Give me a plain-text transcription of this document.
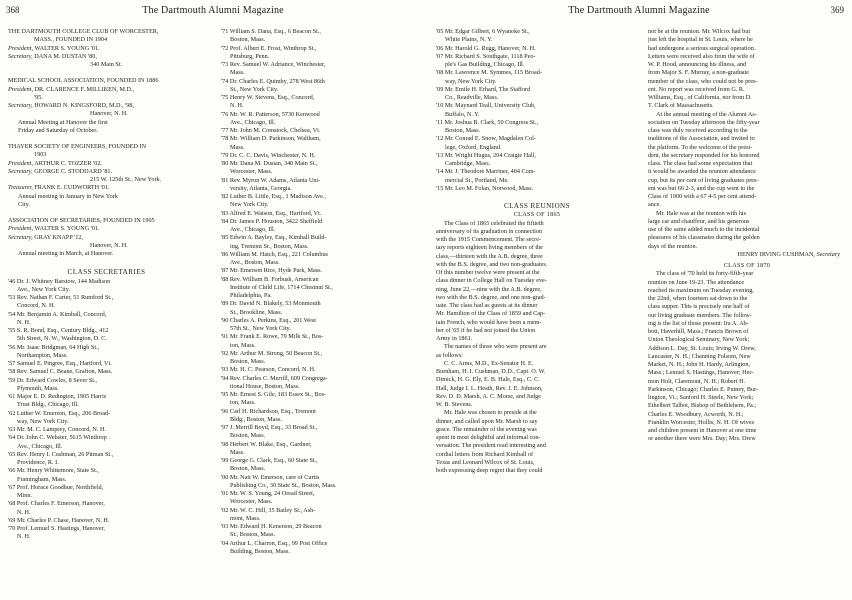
368	The Dartmouth Alumni Magazine
THE DARTMOUTH COLLEGE CLUB OF WORCESTER,
MASS., FOUNDED IN 1904
President, WALTER S. YOUNG '01.
Secretary, DANA M. DUSTAN '80,
340 Main St.
MEDICAL SCHOOL ASSOCIATION, FOUNDED IN 1886
President, DR. CLARENCE F. MILLIKEN, M.D.,
'95.
Secretary, HOWARD N. KINGSFORD, M.D., '98,
Hanover, N. H.
Annual Meeting at Hanover the first
Friday and Saturday of October.
THAYER SOCIETY OF ENGINEERS, FOUNDED IN
1903
President, ARTHUR C. TOZZER '02.
Secretary, GEORGE C. STODDARD '81.
215 W. 125th St., New York.
Treasurer, FRANK E. CUDWORTH '01.
Annual meeting in January in New York
City.
ASSOCIATION OF SECRETARIES, FOUNDED IN 1905
President, WALTER S. YOUNG '01.
Secretary, GRAY KNAPP '12,
Hanover, N. H.
Annual meeting in March, at Hanover.
CLASS SECRETARIES
'46 Dr. J. Whitney Barstow, 144 Madison
Ave., New York City.
'53 Rev. Nathan F. Carter, 51 Rumford St.,
Concord, N. H.
'54 Mr. Benjamin A. Kimball, Concord,
N. H.
'55 S. R. Bond, Esq., Century Bldg., 412
5th Street, N. W., Washington, D. C.
'56 Mr. Isaac Bridgman, 64 High St.,
Northampton, Mass.
'57 Samuel E. Pingree, Esq., Hartford, Vt.
'58 Rev. Samuel C. Beane, Grafton, Mass.
'59 Dr. Edward Cowles, 8 Sever St.,
Plymouth, Mass.
'61 Major E. D. Redington, 1905 Harris
Trust Bldg., Chicago, Ill.
'62 Luther W. Emerson, Esq., 206 Broad-
way, New York City.
'63 Mr. M. C. Lamprey, Concord, N. H.
'64 Dr. John C. Webster, 5615 Winthrop
Ave., Chicago, Ill.
'65 Rev. Henry I. Cushman, 26 Pitman St.,
Providence, R. I.
'66 Mr. Henry Whittemore, State St.,
Framingham, Mass.
'67 Prof. Horace Goodhue, Northfield,
Minn.
'68 Prof. Charles F. Emerson, Hanover,
N. H.
'69 Mr. Charles P. Chase, Hanover, N. H.
'70 Prof. Lemuel S. Hastings, Hanover,
N. H.
'71 William S. Dana, Esq., 6 Beacon St.,
Boston, Mass.
'72 Prof. Albert E. Frost, Winthrop St.,
Pittsburg, Penn.
'73 Rev. Samuel W. Adriance, Winchester,
Mass.
'74 Dr. Charles E. Quimby, 278 West 86th
St., New York City.
'75 Henry W. Stevens, Esq., Concord,
N. H.
'76 Mr. W. R. Patterson, 5730 Kenwood
Ave., Chicago, Ill.
'77 Mr. John M. Comstock, Chelsea, Vt.
'78 Mr. William D. Parkinson, Waltham,
Mass.
'79 Dr. C. C. Davis, Winchester, N. H.
'80 Mr. Dana M. Dustan, 340 Main St.,
Worcester, Mass.
'81 Rev. Myron W. Adams, Atlanta Uni-
versity, Atlanta, Georgia.
'82 Luther B. Little, Esq., 1 Madison Ave.,
New York City.
'83 Alfred E. Watson, Esq., Hartford, Vt.
'84 Dr. James P. Houston, 3422 Sheffield
Ave., Chicago, Ill.
'85 Edwin A. Bayley, Esq., Kimball Build-
ing, Tremont St., Boston, Mass.
'86 William M. Hatch, Esq., 221 Columbus
Ave., Boston, Mass.
'87 Mr. Emerson Rice, Hyde Park, Mass.
'88 Rev. William B. Forbush, American
Institute of Child Life, 1714 Chestnut St.,
Philadelphia, Pa.
'89 Dr. David N. Blakely, 53 Monmouth
St., Brookline, Mass.
'90 Charles A. Perkins, Esq., 201 West
57th St., New York City.
'91 Mr. Frank E. Rowe, 79 Milk St., Bos-
ton, Mass.
'92 Mr. Arthur M. Strong, 50 Beacon St.,
Boston, Mass.
'93 Mr. H. C. Pearson, Concord, N. H.
'94 Rev. Charles C. Merrill, 609 Congrega-
tional House, Boston, Mass.
'95 Mr. Ernest S. Gile, 183 Essex St., Bos-
ton, Mass.
'96 Carl H. Richardson, Esq., Tremont
Bldg., Boston, Mass.
'97 J. Merrill Boyd, Esq., 33 Broad St.,
Boston, Mass.
'98 Herbert W. Blake, Esq., Gardner,
Mass.
'99 George G. Clark, Esq., 60 State St.,
Boston, Mass.
'00 Mr. Natt W. Emerson, care of Curtis
Publishing Co., 30 State St., Boston, Mass.
'01 Mr. W. S. Young, 24 Oread Street,
Worcester, Mass.
'02 Mr. W. C. Hill, 35 Bailey St., Ash-
mont, Mass.
'03 Mr. Edward H. Kenerson, 29 Beacon
St., Boston, Mass.
'04 Arthur L. Charron, Esq., 99 Post Office
Building, Boston, Mass.
The Dartmouth Alumni Magazine	369
'05 Mr. Edgar Gilbert, 6 Wyanoke St.,
White Plains, N. Y.
'06 Mr. Harold G. Rugg, Hanover, N. H.
'07 Mr. Richard S. Southgate, 1118 Peo-
ple's Gas Building, Chicago, Ill.
'08 Mr. Lawrence M. Symmes, 115 Broad-
way, New York City.
'09 Mr. Emile H. Erhard, The Stafford
Co., Readville, Mass.
'10 Mr. Maynard Teall, University Club,
Buffalo, N. Y.
'11 Mr. Joshua B. Clark, 50 Congress St.,
Boston, Mass.
'12 Mr. Conrad E. Snow, Magdalen Col-
lege, Oxford, England.
'13 Mr. Wright Hugus, 204 Craigie Hall,
Cambridge, Mass.
'14 Mr. J. Theodore Marriner, 404 Com-
mercial St., Portland, Me.
'15 Mr. Leo M. Folan, Norwood, Mass.
CLASS REUNIONS
CLASS OF 1865
The Class of 1865 celebrated the fiftieth
anniversary of its graduation in connection
with the 1915 Commencement. The secre-
tary reports eighteen living members of the
class,—thirteen with the A.B. degree, three
with the B.S. degree, and two non-graduates.
Of this number twelve were present at the
class dinner in College Hall on Tuesday eve-
ning, June 22,—nine with the A.B. degree,
two with the B.S. degree, and one non-grad-
uate. The class had as guests at its dinner
Mr. Hamilton of the Class of 1859 and Cap-
tain French, who would have been a mem-
ber of '65 if he had not joined the Union
Army in 1861.
The names of those who were present are
as follows:
C. C. Arms, M.D., Ex-Senator H. E.
Burnham, H. I. Cushman, D.D., Capt. O. W.
Dimick, H. G. Ely, E. B. Hale, Esq., C. C.
Hall, Judge I. L. Heath, Rev. J. E. Johnson,
Rev. D. D. Marsh, A. C. Morse, and Judge
W. B. Stevens.
Mr. Hale was chosen to preside at the
dinner, and called upon Mr. Marsh to say
grace. The remainder of the evening was
spent in most delightful and informal con-
versation. The president read interesting and
cordial letters from Richard Kimball of
Texas and Leonard Wilcox of St. Louis,
both expressing deep regret that they could
not be at the reunion. Mr. Wilcox had but
just left the hospital in St. Louis, where he
had undergone a serious surgical operation.
Letters were received also from the wife of
W. P. Hood, announcing his illness, and
from Major S. F. Murray, a non-graduate
member of the class, who could not be pres-
ent. No report was received from G. R.
Williams, Esq., of California, nor from D.
T. Clark of Massachusetts.
At the annual meeting of the Alumni As-
sociation on Tuesday afternoon the fifty-year
class was duly received according to the
traditions of the Association, and invited to
the platform. To the welcome of the presi-
dent, the secretary responded for his honored
class. The class had some expectation that
it would be awarded the reunion attendance
cup, but its per cent of living graduates pres-
ent was but 66 2-3, and the cup went to the
Class of 1900 with a 67 4-5 per cent attend-
ance.
Mr. Hale was at the reunion with his
large car and chauffeur, and his generous
use of the same added much to the incidental
pleasures of his classmates during the golden
days of the reunion.
HENRY IRVING CUSHMAN, Secretary
CLASS OF 1870
The class of '70 held its forty-fifth-year
reunion on June 19-23. The attendance
reached its maximum on Tuesday evening,
the 22nd, when fourteen sat down to the
class supper. This is precisely one half of
our living graduate members. The follow-
ing is the list of those present: Ira A. Ab-
bott, Haverhill, Mass.; Francis Brown of
Union Theological Seminary, New York;
Addison L. Day, St. Louis; Irving W. Drew,
Lancaster, N. H.; Channing Folsom, New
Market, N. H.; John H. Hardy, Arlington,
Mass.; Lemuel S. Hastings, Hanover; Her-
mon Holt, Claremont, N. H.; Robert H.
Parkinson, Chicago; Charles E. Putney, Bur-
lington, Vt.; Sanford H. Steele, New York;
Ethelbert Talbot, Bishop of Bethlehem, Pa.;
Charles E. Woodbury, Acworth, N. H.;
Franklin Worcester, Hollis, N. H. Of wives
and children present in Hanover at one time
or another there were Mrs. Day; Mrs. Drew
